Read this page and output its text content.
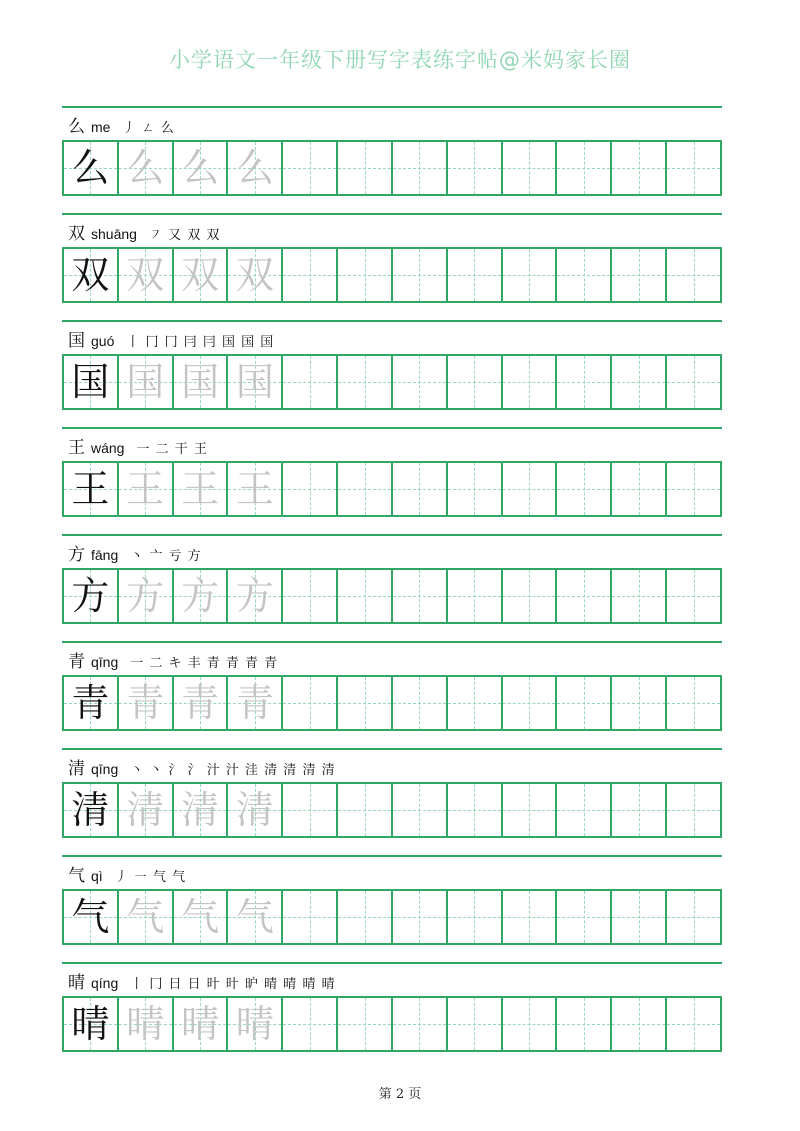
小学语文一年级下册写字表练字帖@米妈家长圈
么 me 丿 ㄥ 么
么 么 么 么
双 shuāng ㇇ 又 双 双
双 双 双 双
国 guó 丨 冂 冂 冃 冃 国 国 国
国 国 国 国
王 wáng 一 二 干 王
王 王 王 王
方 fāng 丶 亠 亏 方
方 方 方 方
青 qīng 一 二 キ 丰 青 青 青 青
青 青 青 青
清 qīng 丶 丶 氵 氵 汁 汁 洼 清 清 清 清
清 清 清 清
气 qì 丿 ㇐ 气 气
气 气 气 气
晴 qíng 丨 冂 日 日 旪 旪 昈 晴 晴 晴 晴
晴 晴 晴 晴
第 2 页
